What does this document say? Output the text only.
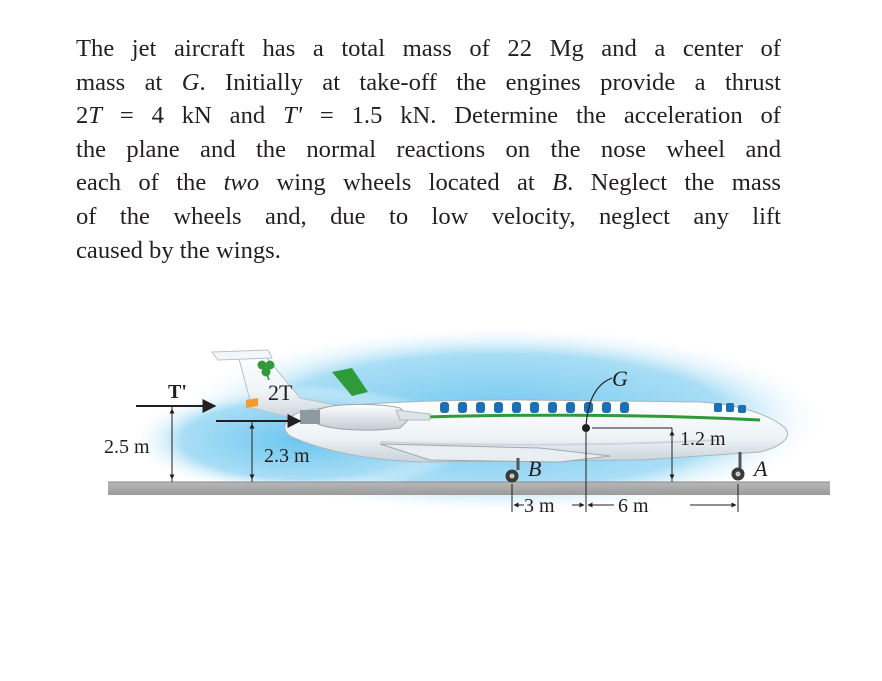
The jet aircraft has a total mass of 22 Mg and a center of
mass at G. Initially at take-off the engines provide a thrust
2T = 4 kN and T' = 1.5 kN. Determine the acceleration of
the plane and the normal reactions on the nose wheel and
each of the two wing wheels located at B. Neglect the mass
of the wheels and, due to low velocity, neglect any lift
caused by the wings.

G
T'	2T
2.5 m	2.3 m
1.2 m
B	A
3 m	6 m
